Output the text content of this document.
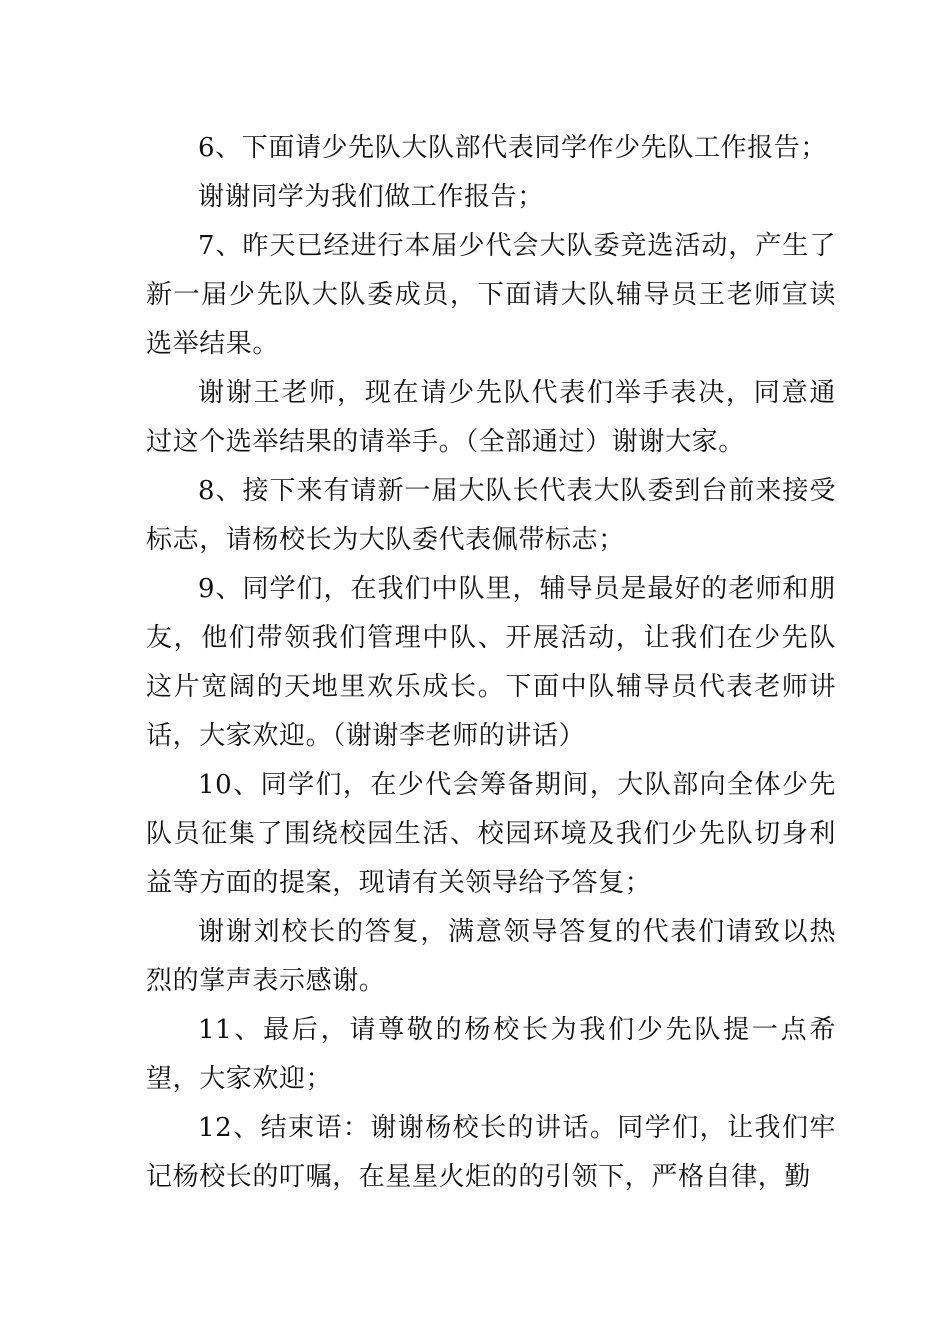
6、下面请少先队大队部代表同学作少先队工作报告；

谢谢同学为我们做工作报告；

7、昨天已经进行本届少代会大队委竞选活动，产生了新一届少先队大队委成员，下面请大队辅导员王老师宣读选举结果。

谢谢王老师，现在请少先队代表们举手表决，同意通过这个选举结果的请举手。（全部通过）谢谢大家。

8、接下来有请新一届大队长代表大队委到台前来接受标志，请杨校长为大队委代表佩带标志；

9、同学们，在我们中队里，辅导员是最好的老师和朋友，他们带领我们管理中队、开展活动，让我们在少先队这片宽阔的天地里欢乐成长。下面中队辅导员代表老师讲话，大家欢迎。（谢谢李老师的讲话）

10、同学们，在少代会筹备期间，大队部向全体少先队员征集了围绕校园生活、校园环境及我们少先队切身利益等方面的提案，现请有关领导给予答复；

谢谢刘校长的答复，满意领导答复的代表们请致以热烈的掌声表示感谢。

11、最后，请尊敬的杨校长为我们少先队提一点希望，大家欢迎；

12、结束语：谢谢杨校长的讲话。同学们，让我们牢记杨校长的叮嘱，在星星火炬的的引领下，严格自律，勤
